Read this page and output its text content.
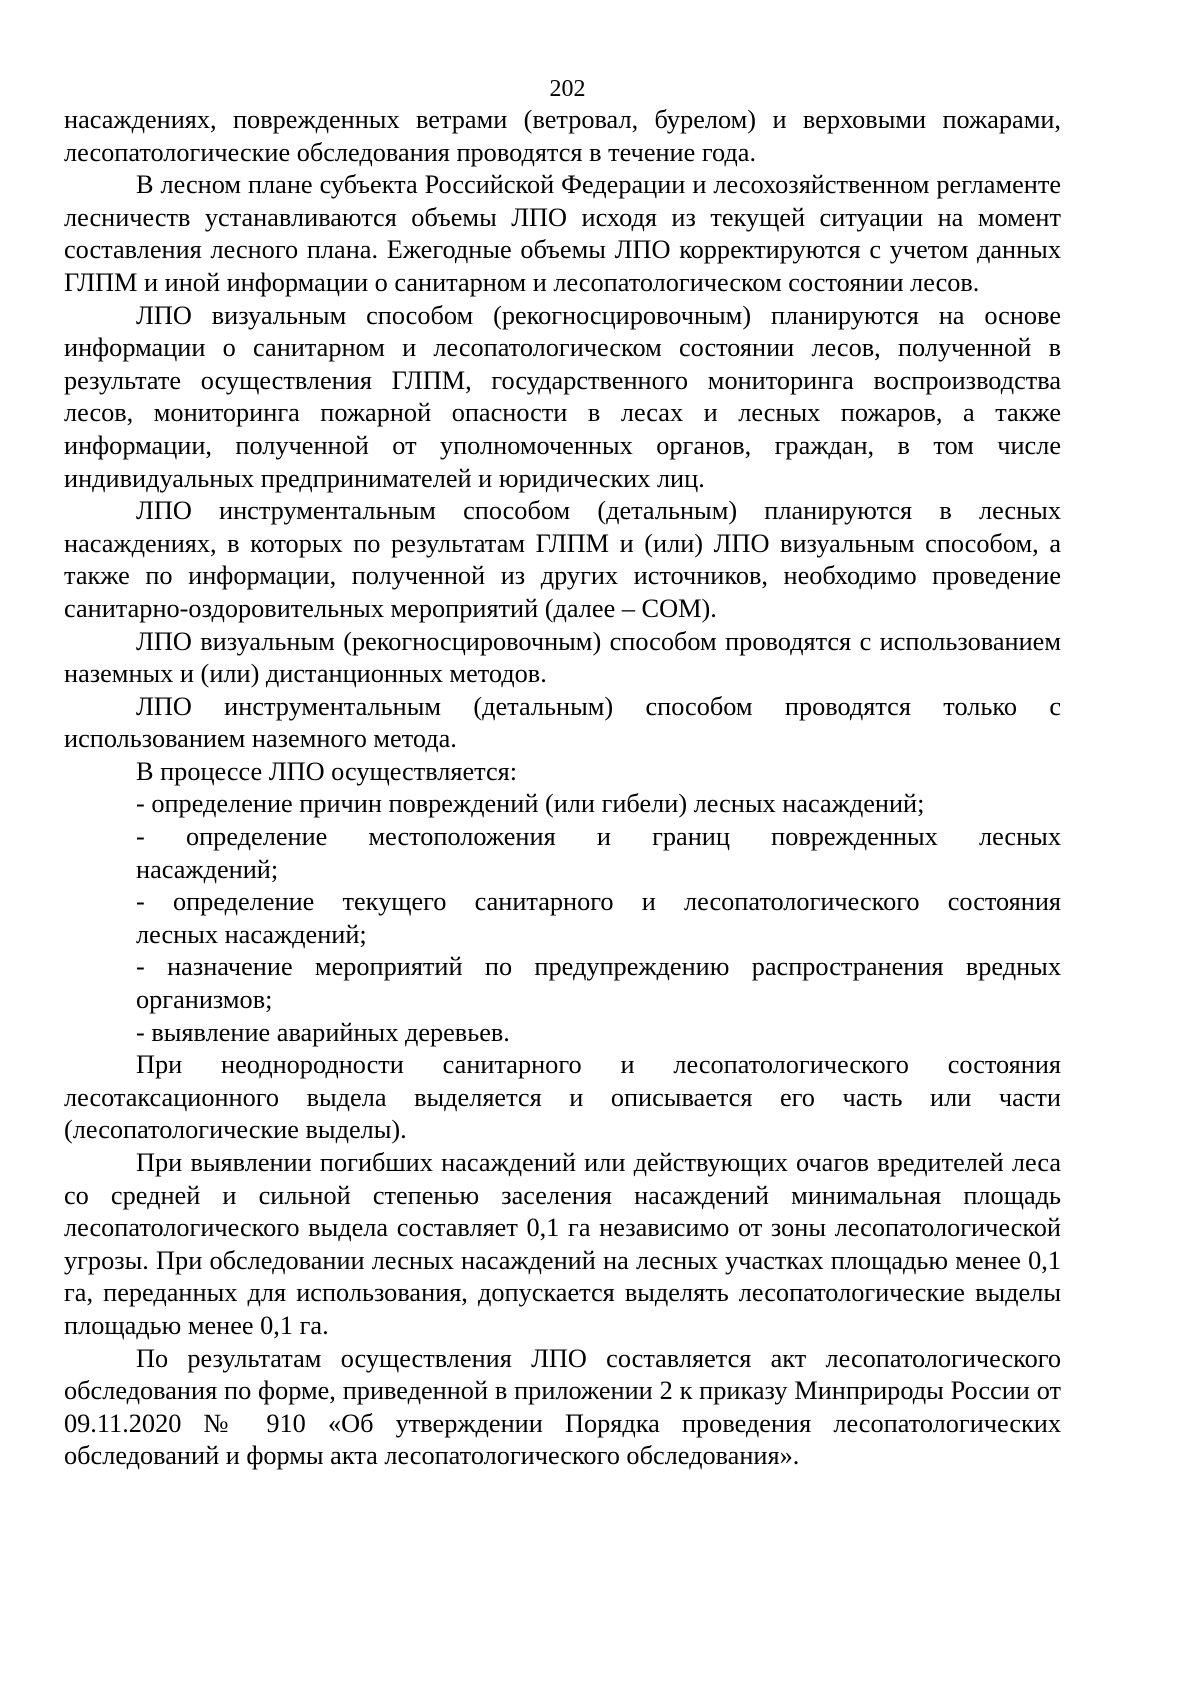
202

насаждениях, поврежденных ветрами (ветровал, бурелом) и верховыми пожарами, лесопатологические обследования проводятся в течение года.

В лесном плане субъекта Российской Федерации и лесохозяйственном регламенте лесничеств устанавливаются объемы ЛПО исходя из текущей ситуации на момент составления лесного плана. Ежегодные объемы ЛПО корректируются с учетом данных ГЛПМ и иной информации о санитарном и лесопатологическом состоянии лесов.

ЛПО визуальным способом (рекогносцировочным) планируются на основе информации о санитарном и лесопатологическом состоянии лесов, полученной в результате осуществления ГЛПМ, государственного мониторинга воспроизводства лесов, мониторинга пожарной опасности в лесах и лесных пожаров, а также информации, полученной от уполномоченных органов, граждан, в том числе индивидуальных предпринимателей и юридических лиц.

ЛПО инструментальным способом (детальным) планируются в лесных насаждениях, в которых по результатам ГЛПМ и (или) ЛПО визуальным способом, а также по информации, полученной из других источников, необходимо проведение санитарно-оздоровительных мероприятий (далее – СОМ).

ЛПО визуальным (рекогносцировочным) способом проводятся с использованием наземных и (или) дистанционных методов.

ЛПО инструментальным (детальным) способом проводятся только с использованием наземного метода.

В процессе ЛПО осуществляется:

- определение причин повреждений (или гибели) лесных насаждений;
- определение местоположения и границ поврежденных лесных
насаждений;
- определение текущего санитарного и лесопатологического состояния
лесных насаждений;
- назначение мероприятий по предупреждению распространения вредных
организмов;
- выявление аварийных деревьев.

При неоднородности санитарного и лесопатологического состояния лесотаксационного выдела выделяется и описывается его часть или части (лесопатологические выделы).

При выявлении погибших насаждений или действующих очагов вредителей леса со средней и сильной степенью заселения насаждений минимальная площадь лесопатологического выдела составляет 0,1 га независимо от зоны лесопатологической угрозы. При обследовании лесных насаждений на лесных участках площадью менее 0,1 га, переданных для использования, допускается выделять лесопатологические выделы площадью менее 0,1 га.

По результатам осуществления ЛПО составляется акт лесопатологического обследования по форме, приведенной в приложении 2 к приказу Минприроды России от 09.11.2020 № 910 «Об утверждении Порядка проведения лесопатологических обследований и формы акта лесопатологического обследования».
